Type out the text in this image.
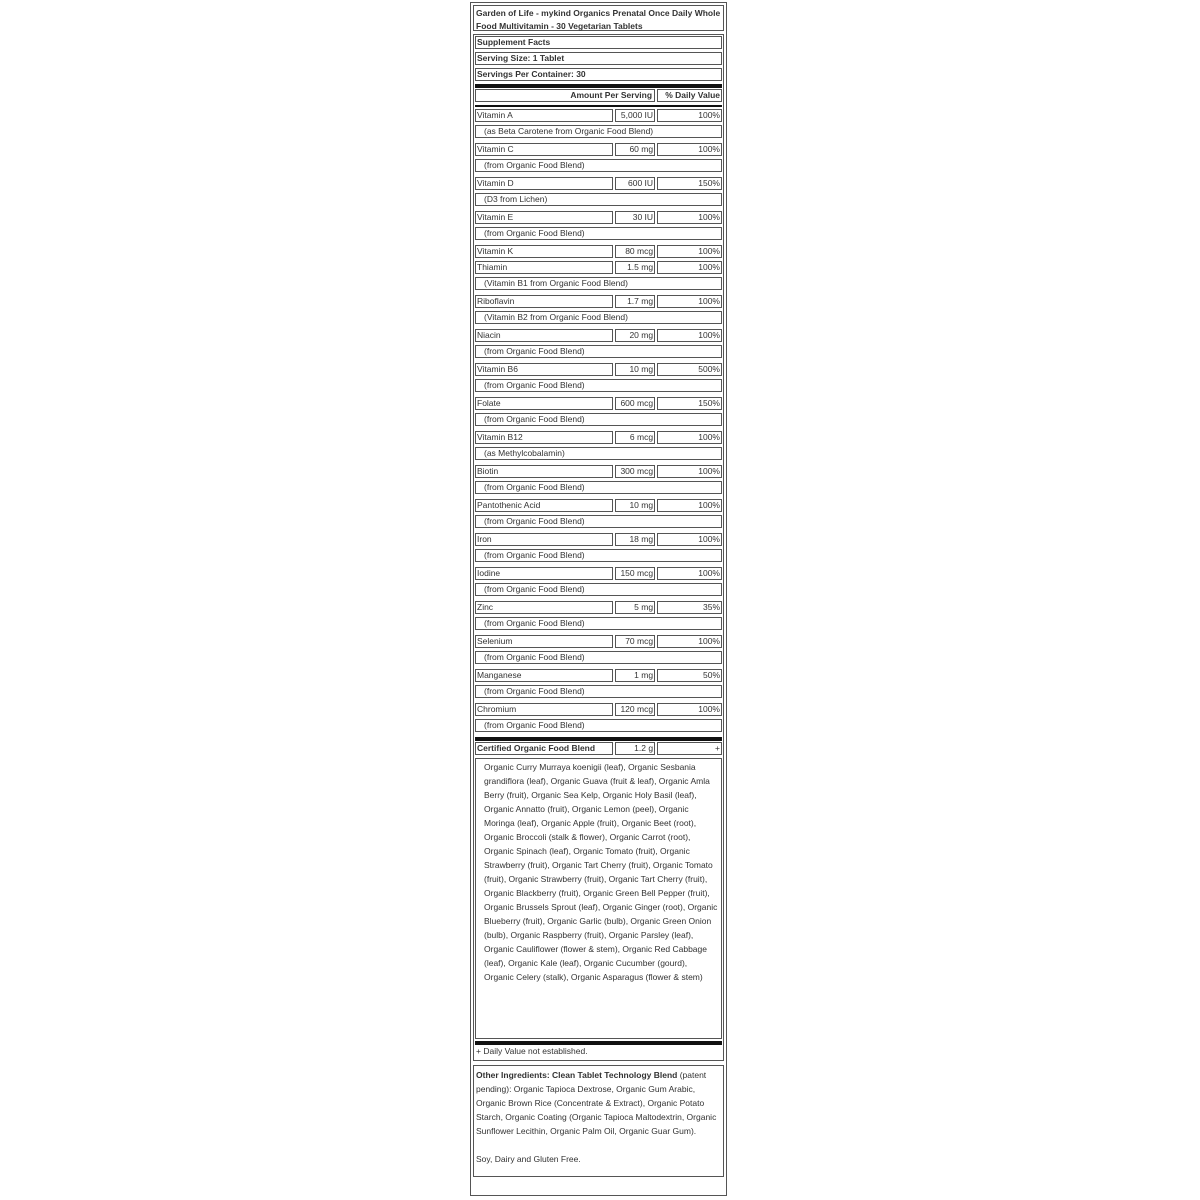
Garden of Life - mykind Organics Prenatal Once Daily Whole Food Multivitamin - 30 Vegetarian Tablets
Supplement Facts
Serving Size: 1 Tablet
Servings Per Container: 30
Amount Per Serving	% Daily Value
Vitamin A	5,000 IU	100%
(as Beta Carotene from Organic Food Blend)
Vitamin C	60 mg	100%
(from Organic Food Blend)
Vitamin D	600 IU	150%
(D3 from Lichen)
Vitamin E	30 IU	100%
(from Organic Food Blend)
Vitamin K	80 mcg	100%
Thiamin	1.5 mg	100%
(Vitamin B1 from Organic Food Blend)
Riboflavin	1.7 mg	100%
(Vitamin B2 from Organic Food Blend)
Niacin	20 mg	100%
(from Organic Food Blend)
Vitamin B6	10 mg	500%
(from Organic Food Blend)
Folate	600 mcg	150%
(from Organic Food Blend)
Vitamin B12	6 mcg	100%
(as Methylcobalamin)
Biotin	300 mcg	100%
(from Organic Food Blend)
Pantothenic Acid	10 mg	100%
(from Organic Food Blend)
Iron	18 mg	100%
(from Organic Food Blend)
Iodine	150 mcg	100%
(from Organic Food Blend)
Zinc	5 mg	35%
(from Organic Food Blend)
Selenium	70 mcg	100%
(from Organic Food Blend)
Manganese	1 mg	50%
(from Organic Food Blend)
Chromium	120 mcg	100%
(from Organic Food Blend)
Certified Organic Food Blend	1.2 g	+
Organic Curry Murraya koenigii (leaf), Organic Sesbania grandiflora (leaf), Organic Guava (fruit & leaf), Organic Amla Berry (fruit), Organic Sea Kelp, Organic Holy Basil (leaf), Organic Annatto (fruit), Organic Lemon (peel), Organic Moringa (leaf), Organic Apple (fruit), Organic Beet (root), Organic Broccoli (stalk & flower), Organic Carrot (root), Organic Spinach (leaf), Organic Tomato (fruit), Organic Strawberry (fruit), Organic Tart Cherry (fruit), Organic Tomato (fruit), Organic Strawberry (fruit), Organic Tart Cherry (fruit), Organic Blackberry (fruit), Organic Green Bell Pepper (fruit), Organic Brussels Sprout (leaf), Organic Ginger (root), Organic Blueberry (fruit), Organic Garlic (bulb), Organic Green Onion (bulb), Organic Raspberry (fruit), Organic Parsley (leaf), Organic Cauliflower (flower & stem), Organic Red Cabbage (leaf), Organic Kale (leaf), Organic Cucumber (gourd), Organic Celery (stalk), Organic Asparagus (flower & stem)
+ Daily Value not established.
Other Ingredients: Clean Tablet Technology Blend (patent pending): Organic Tapioca Dextrose, Organic Gum Arabic, Organic Brown Rice (Concentrate & Extract), Organic Potato Starch, Organic Coating (Organic Tapioca Maltodextrin, Organic Sunflower Lecithin, Organic Palm Oil, Organic Guar Gum).
Soy, Dairy and Gluten Free.
